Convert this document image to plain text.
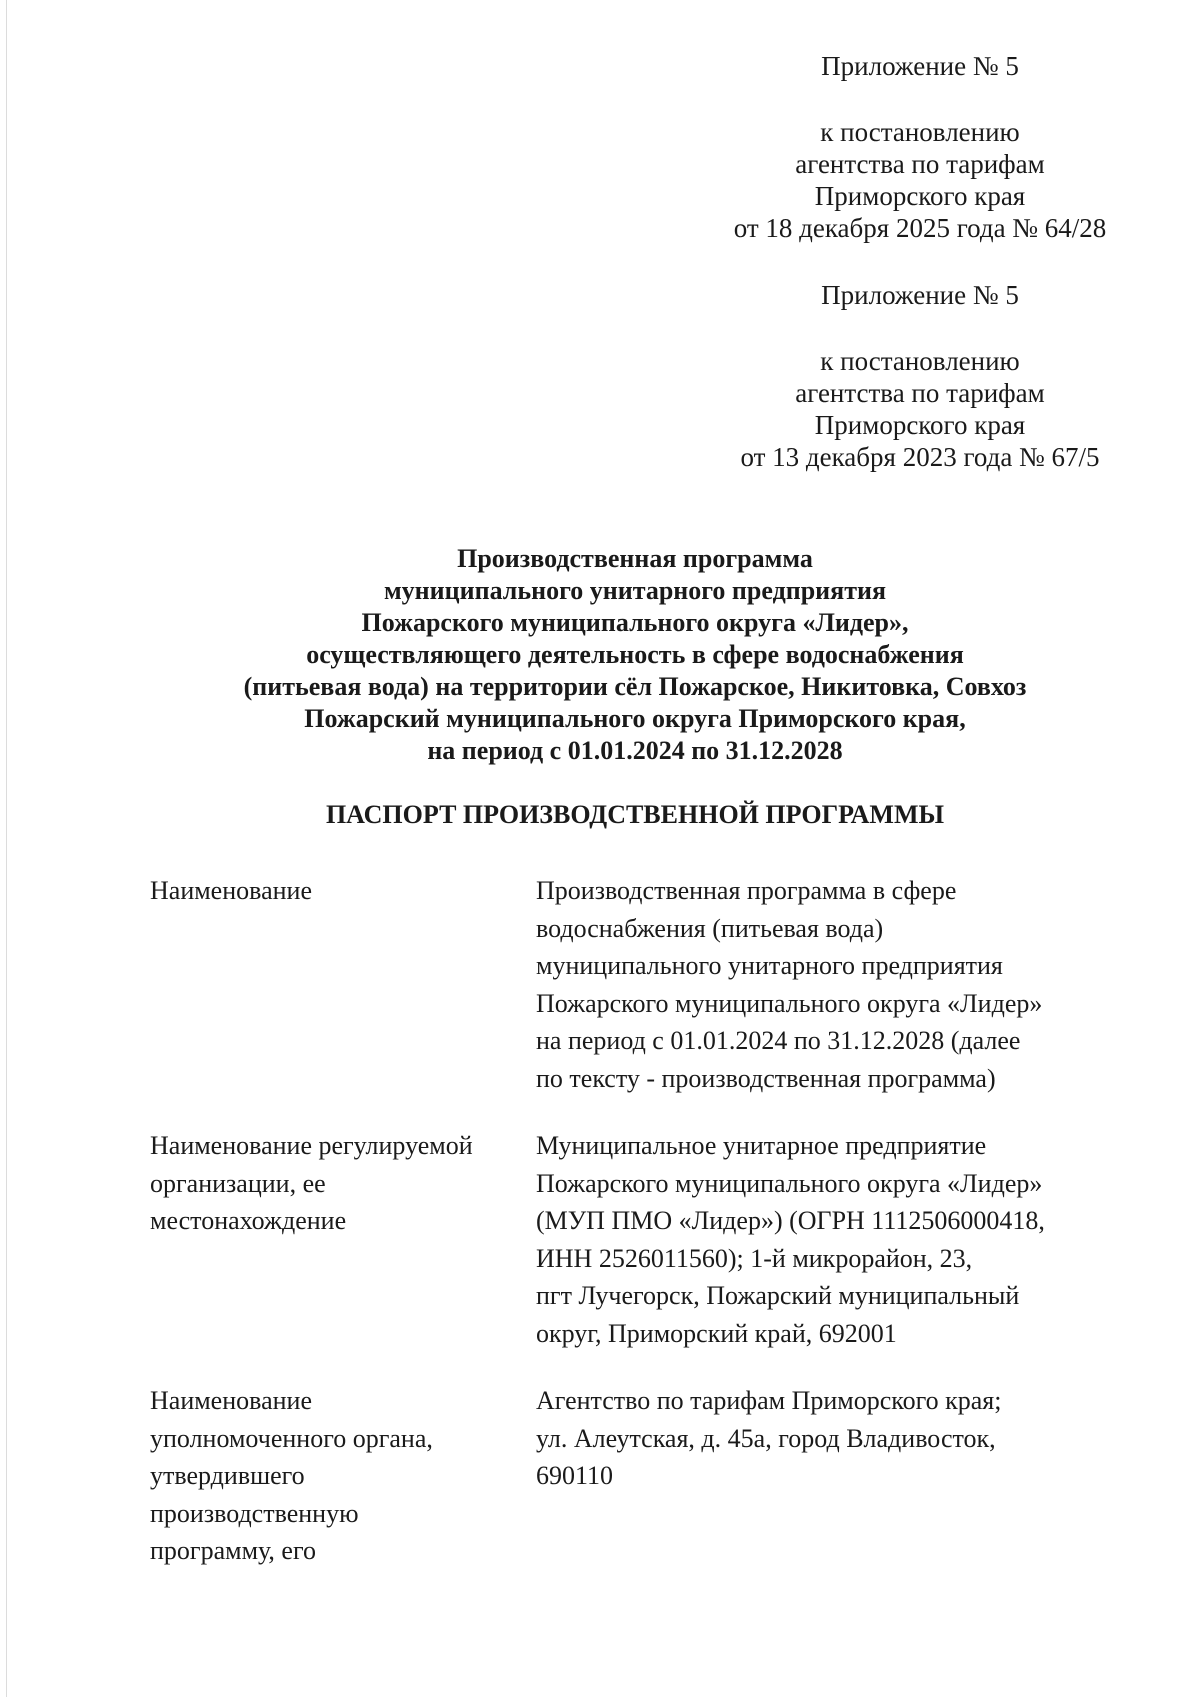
Приложение № 5
к постановлению
агентства по тарифам
Приморского края
от 18 декабря 2025 года № 64/28
Приложение № 5
к постановлению
агентства по тарифам
Приморского края
от 13 декабря 2023 года № 67/5
Производственная программа
муниципального унитарного предприятия
Пожарского муниципального округа «Лидер»,
осуществляющего деятельность в сфере водоснабжения
(питьевая вода) на территории сёл Пожарское, Никитовка, Совхоз
Пожарский муниципального округа Приморского края,
на период с 01.01.2024 по 31.12.2028
ПАСПОРТ ПРОИЗВОДСТВЕННОЙ ПРОГРАММЫ
Наименование	Производственная программа в сфере
водоснабжения (питьевая вода)
муниципального унитарного предприятия
Пожарского муниципального округа «Лидер»
на период с 01.01.2024 по 31.12.2028 (далее
по тексту - производственная программа)
Наименование регулируемой
организации, ее
местонахождение
Муниципальное унитарное предприятие
Пожарского муниципального округа «Лидер»
(МУП ПМО «Лидер») (ОГРН 1112506000418,
ИНН 2526011560); 1-й микрорайон, 23,
пгт Лучегорск, Пожарский муниципальный
округ, Приморский край, 692001
Наименование
уполномоченного органа,
утвердившего
производственную
программу, его
Агентство по тарифам Приморского края;
ул. Алеутская, д. 45а, город Владивосток,
690110
